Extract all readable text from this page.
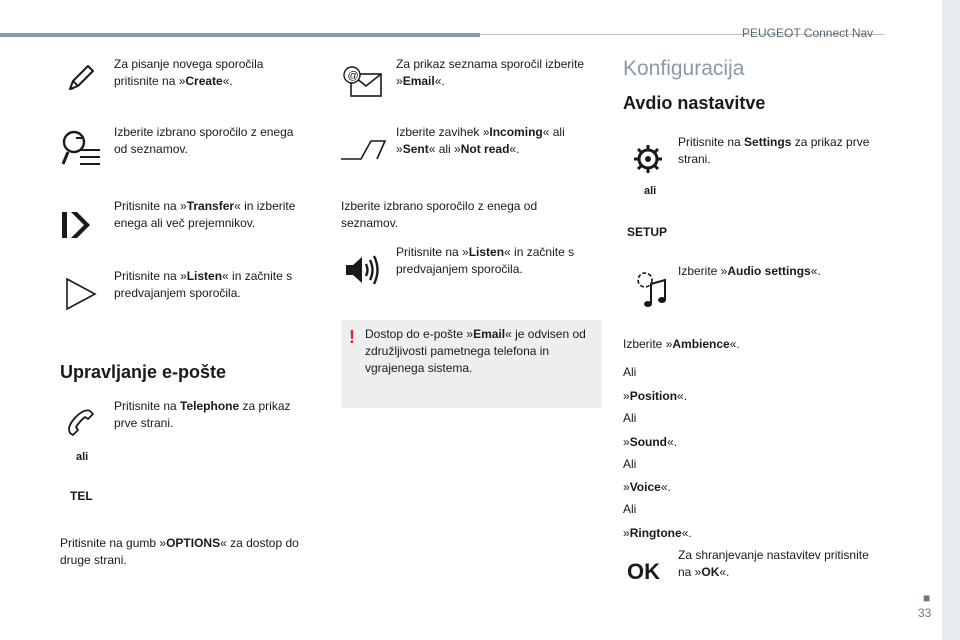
PEUGEOT Connect Nav
■
33
Za pisanje novega sporočila pritisnite na »Create«.
Izberite izbrano sporočilo z enega od seznamov.
Pritisnite na »Transfer« in izberite enega ali več prejemnikov.
Pritisnite na »Listen« in začnite s predvajanjem sporočila.
Upravljanje e-pošte
Pritisnite na Telephone za prikaz prve strani.
ali
TEL
Pritisnite na gumb »OPTIONS« za dostop do druge strani.
@
Za prikaz seznama sporočil izberite »Email«.
Izberite zavihek »Incoming« ali »Sent« ali »Not read«.
Izberite izbrano sporočilo z enega od seznamov.
Pritisnite na »Listen« in začnite s predvajanjem sporočila.
! Dostop do e-pošte »Email« je odvisen od združljivosti pametnega telefona in vgrajenega sistema.
Konfiguracija
Avdio nastavitve
Pritisnite na Settings za prikaz prve strani.
ali
SETUP
Izberite »Audio settings«.
Izberite »Ambience«.
Ali
»Position«.
Ali
»Sound«.
Ali
»Voice«.
Ali
»Ringtone«.
OK
Za shranjevanje nastavitev pritisnite na »OK«.
